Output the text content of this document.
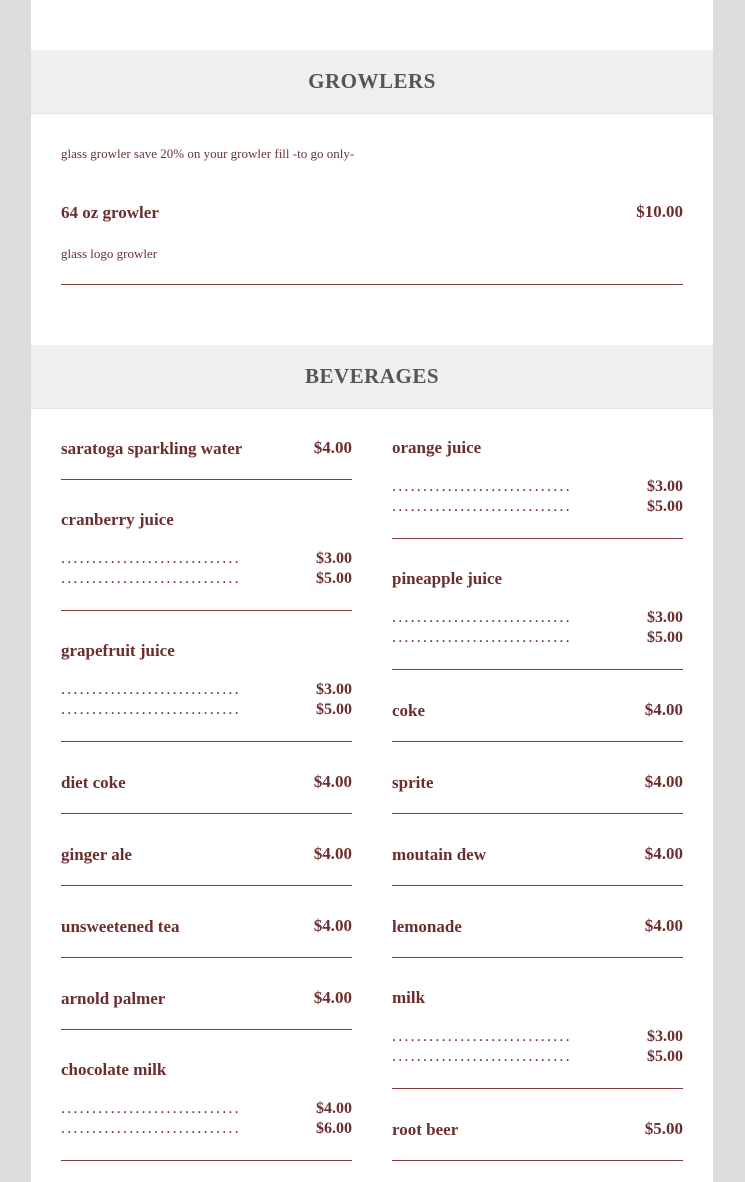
GROWLERS
glass growler save 20% on your growler fill -to go only-
64 oz growler	$10.00
glass logo growler
BEVERAGES
saratoga sparkling water	$4.00
cranberry juice
.............................	$3.00
.............................	$5.00
grapefruit juice
.............................	$3.00
.............................	$5.00
diet coke	$4.00
ginger ale	$4.00
unsweetened tea	$4.00
arnold palmer	$4.00
chocolate milk
.............................	$4.00
.............................	$6.00
orange juice
.............................	$3.00
.............................	$5.00
pineapple juice
.............................	$3.00
.............................	$5.00
coke	$4.00
sprite	$4.00
moutain dew	$4.00
lemonade	$4.00
milk
.............................	$3.00
.............................	$5.00
root beer	$5.00
